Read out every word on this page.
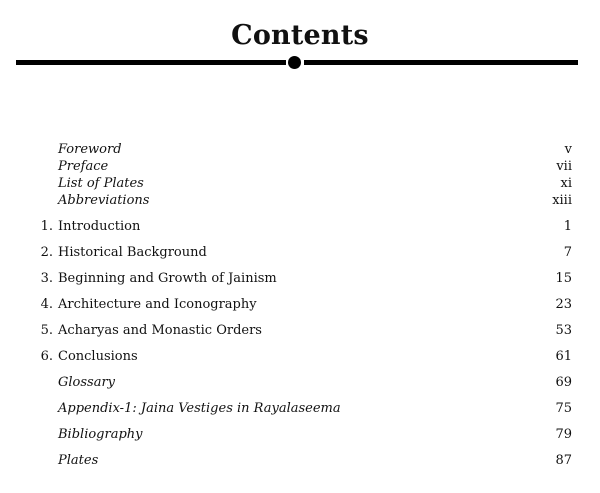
Contents
Foreword	v
Preface	vii
List of Plates	xi
Abbreviations	xiii
1. Introduction	1
2. Historical Background	7
3. Beginning and Growth of Jainism	15
4. Architecture and Iconography	23
5. Acharyas and Monastic Orders	53
6. Conclusions	61
Glossary	69
Appendix-1: Jaina Vestiges in Rayalaseema	75
Bibliography	79
Plates	87
